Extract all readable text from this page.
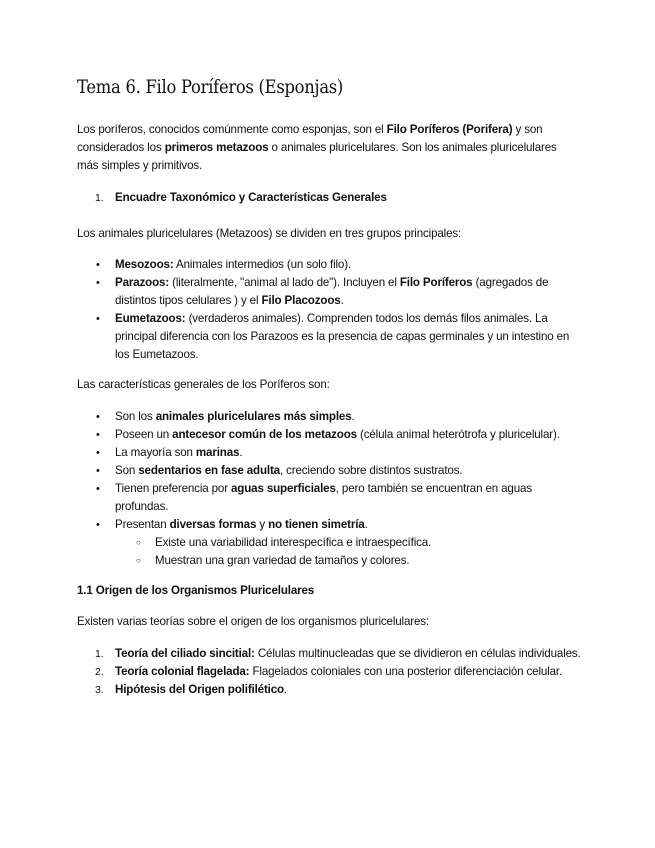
Tema 6. Filo Poríferos (Esponjas)

Los poríferos, conocidos comúnmente como esponjas, son el Filo Poríferos (Porifera) y son considerados los primeros metazoos o animales pluricelulares. Son los animales pluricelulares más simples y primitivos.

1. Encuadre Taxonómico y Características Generales

Los animales pluricelulares (Metazoos) se dividen en tres grupos principales:

• Mesozoos: Animales intermedios (un solo filo).
• Parazoos: (literalmente, "animal al lado de"). Incluyen el Filo Poríferos (agregados de distintos tipos celulares ) y el Filo Placozoos.
• Eumetazoos: (verdaderos animales). Comprenden todos los demás filos animales. La principal diferencia con los Parazoos es la presencia de capas germinales y un intestino en los Eumetazoos.

Las características generales de los Poríferos son:

• Son los animales pluricelulares más simples.
• Poseen un antecesor común de los metazoos (célula animal heterótrofa y pluricelular).
• La mayoría son marinas.
• Son sedentarios en fase adulta, creciendo sobre distintos sustratos.
• Tienen preferencia por aguas superficiales, pero también se encuentran en aguas profundas.
• Presentan diversas formas y no tienen simetría.
○ Existe una variabilidad interespecífica e intraespecífica.
○ Muestran una gran variedad de tamaños y colores.

1.1 Origen de los Organismos Pluricelulares

Existen varias teorías sobre el origen de los organismos pluricelulares:

1. Teoría del ciliado sincitial: Células multinucleadas que se dividieron en células individuales.
2. Teoría colonial flagelada: Flagelados coloniales con una posterior diferenciación celular.
3. Hipótesis del Origen polifilético.
